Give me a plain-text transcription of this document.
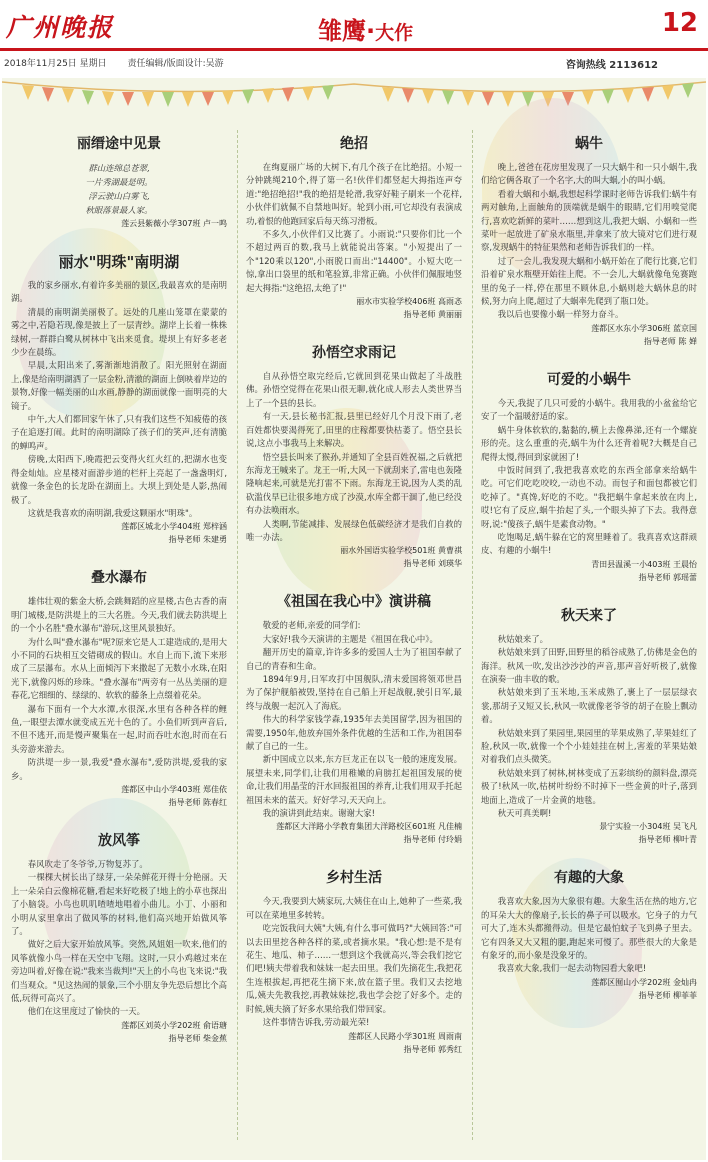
广州晚报	雏鹰·大作	12
2018年11月25日 星期日 责任编辑/版面设计:吴游	咨询热线 2113612
丽缙途中见景
群山连绵总苍翠,
一片秀湖最是明。
浮云驶山白雾飞,
秋眼落景最人家。
莲云县紫薇小学307班 卢一鸣
丽水"明珠"南明湖

我的家乡丽水,有着许多美丽的景区,我最喜欢的是南明湖。

清晨的南明湖美丽极了。远处的几座山笼罩在蒙蒙的雾之中,若隐若现,像是披上了一层青纱。湖岸上长着一株株绿树,一群群白鹭从树林中飞出来觅食。堤坝上有好多老老少少在晨练。

早晨,太阳出来了,雾渐渐地消散了。阳光照射在湖面上,像是给南明湖洒了一层金粉,清澈的湖面上倒映着岸边的景物,好像一幅美丽的山水画,静静的湖面就像一面明亮的大镜子。

中午,大人们都回家午休了,只有我们这些不知疲倦的孩子在追逐打闹。此时的南明湖除了孩子们的笑声,还有清脆的蝉鸣声。

傍晚,太阳西下,晚霞把云变得火红火红的,把湖水也变得金灿灿。应星楼对面游步道的栏杆上亮起了一盏盏明灯,就像一条金色的长龙卧在湖面上。大坝上到处是人影,热闹极了。

这就是我喜欢的南明湖,我爱这颗丽水"明珠"。

莲都区城北小学404班 郑梓涵
指导老师 朱建勇
叠水瀑布

雄伟壮观的紫金大桥,会跳舞蹈的应星楼,古色古香的南明门城楼,是防洪堤上的三大名胜。今天,我们就去防洪堤上的一个小名胜"叠水瀑布"游玩,这里风景独好。

为什么叫"叠水瀑布"呢?原来它是人工建造成的,是用大小不同的石块相互交错砌成的假山。水自上而下,流下来形成了三层瀑布。水从上面倾泻下来撒起了无数小水珠,在阳光下,就像闪烁的珍珠。"叠水瀑布"两旁有一丛丛美丽的迎春花,它细细的、绿绿的、软软的藤条上点缀着花朵。

瀑布下面有一个大水潭,水很深,水里有各种各样的鲤鱼,一眼望去潭水就变成五光十色的了。小鱼们听到声音后,不但不逃开,而是慢声聚集在一起,时而吞吐水泡,时而在石头旁游来游去。

防洪堤一步一景,我爱"叠水瀑布",爱防洪堤,爱我的家乡。

莲都区中山小学403班 郑佳依
指导老师 陈春红
放风筝

春风吹走了冬爷爷,万物复苏了。

一棵棵大树长出了绿芽,一朵朵鲜花开得十分艳丽。天上一朵朵白云像棉花糖,看起来好吃极了!地上的小草也探出了小脑袋。小鸟也叽叽喳喳地唱着小曲儿。小丁、小丽和小明从家里拿出了做风筝的材料,他们高兴地开始做风筝了。

做好之后大家开始放风筝。突然,风姐姐一吹来,他们的风筝就像小鸟一样在天空中飞翔。这时,一只小鸡越过来在旁边叫着,好像在说:"我来当裁判!"天上的小鸟也飞来说:"我们当观众。"见这热闹的景象,三个小朋友争先恐后想比个高低,玩得可高兴了。

他们在这里度过了愉快的一天。

莲都区刘英小学202班 俞语瑭
指导老师 柴金蕉
绝招

在绚夏丽广场的大树下,有几个孩子在比绝招。小短一分钟跳绳210个,得了第一名!伙伴们都竖起大拇指连声夸道:"绝招绝招!"我的绝招是轮滑,我穿好鞋子刷来一个花样,小伙伴们就佩不自禁地叫好。轮到小雨,可它却没有表演成功,着恨的他跑回家后每天练习滑板。

不多久,小伙伴们又比赛了。小雨说:"只要你们比一个不超过两百的数,我马上就能说出答案。"小短提出了一个"120乘以120",小雨脱口而出:"14400"。小短大吃一惊,拿出口袋里的纸和笔验算,非常正确。小伙伴们佩服地竖起大拇指:"这绝招,太绝了!"

丽水市实验学校406班 高雨忞
指导老师 黄丽丽
孙悟空求雨记

自从孙悟空取完经后,它就回到花果山做起了斗战胜佛。孙悟空觉得在花果山很无聊,就化成人形去人类世界当上了一个县的县长。

有一天,县长秘书汇报,县里已经好几个月没下雨了,老百姓都快要渴得死了,田里的庄稼都要快枯萎了。悟空县长说,这点小事我马上来解决。

悟空县长叫来了猴孙,并通知了全县百姓祝福,之后就把东海龙王喊来了。龙王一听,大风一下就刮来了,雷电也轰隆隆响起来,可就是光打雷不下雨。东海龙王说,因为人类的乱砍滥伐早已让很多地方成了沙漠,水库全都干涸了,他已经没有办法唤雨水。

人类啊,节能减排、发展绿色低碳经济才是我们自救的唯一办法。

丽水外国语实验学校501班 黄曹祺
指导老师 刘瑛华
《祖国在我心中》演讲稿

敬爱的老师,亲爱的同学们:

大家好!我今天演讲的主题是《祖国在我心中》。

翻开历史的篇章,许许多多的爱国人士为了祖国奉献了自己的青春和生命。

1894年9月,日军攻打中国舰队,清末爱国将领邓世昌为了保护舰船被毁,坚持在自己船上开起战舰,驶引日军,最终与战舰一起沉入了海底。

伟大的科学家钱学森,1935年去美国留学,因为祖国的需要,1950年,他放弃国外条件优越的生活和工作,为祖国奉献了自己的一生。

新中国成立以来,东方巨龙正在以飞一般的速度发展。展望未来,同学们,让我们用稚嫩的肩膀扛起祖国发展的使命,让我们用晶莹的汗水回报祖国的养育,让我们用双手托起祖国未来的蓝天。好好学习,天天向上。

我的演讲到此结束。谢谢大家!

莲都区大洋路小学教育集团大洋路校区601班 凡佳楠
指导老师 付玲娟
乡村生活

今天,我要到大姨家玩,大姨住在山上,她种了一些菜,我可以在菜地里多转转。

吃完饭我问大姨"大姨,有什么事可做吗?"大姨回答:"可以去田里挖各种各样的菜,或者摘水果。"我心想:是不是有花生、地瓜、柿子……一想到这个我就高兴,等会我们挖它们吧!姨夫带着我和妹妹一起去田里。我们先摘花生,我把花生连根拔起,再把花生摘下来,放在篮子里。我们又去挖地瓜,姨夫先教我挖,再教妹妹挖,我也学会挖了好多个。走的时候,姨夫摘了好多水果给我们带回家。

这件事情告诉我,劳动最光荣!

莲都区人民路小学301班 周雨南
指导老师 郭秀红
蜗牛

晚上,爸爸在花房里发现了一只大蜗牛和一只小蜗牛,我们给它俩各取了一个名字,大的叫大蜗,小的叫小蜗。

看着大蜗和小蜗,我想起科学课时老师告诉我们:蜗牛有两对触角,上面触角的顶端就是蜗牛的眼睛,它们用嗅觉爬行,喜欢吃新鲜的菜叶……想到这儿,我把大蜗、小蜗和一些菜叶一起放进了矿泉水瓶里,并拿来了放大镜对它们进行观察,发现蜗牛的特征果然和老师告诉我们的一样。

过了一会儿,我发现大蜗和小蜗开始在了爬行比赛,它们沿着矿泉水瓶壁开始往上爬。不一会儿,大蜗就像龟兔赛跑里的兔子一样,停在那里不顾休息,小蜗则趁大蜗休息的时候,努力向上爬,超过了大蜗率先爬到了瓶口处。

我以后也要像小蜗一样努力奋斗。

莲都区水东小学306班 蓝京国
指导老师 陈 婵
可爱的小蜗牛

今天,我捉了几只可爱的小蜗牛。我用我的小盆盆给它安了一个温暖舒适的家。

蜗牛身体软软的,黏黏的,横上去像鼻涕,还有一个螺旋形的壳。这么重重的壳,蜗牛为什么还背着呢?大概是自己爬得太慢,得回到家就困了!

中饭时间到了,我把我喜欢吃的东西全部拿来给蜗牛吃。可它们吃吃咬咬,一动也不动。而包子和面包都被它们吃掉了。"真馋,好吃的不吃。"我把蜗牛拿起来放在肉上,哎!它有了反应,蜗牛抬起了头,一个眼头掉了下去。我得意呀,说:"傻孩子,蜗牛是素食动物。"

吃饱喝足,蜗牛躲在它的窝里睡着了。我真喜欢这群顽皮、有趣的小蜗牛!

青田县温溪一小403班 王晨怡
指导老师 郭瑶蕾
秋天来了

秋姑娘来了。

秋姑娘来到了田野,田野里的稻谷成熟了,仿佛是金色的海洋。秋风一吹,发出沙沙沙的声音,那声音好听极了,就像在演奏一曲丰收的歌。

秋姑娘来到了玉米地,玉米成熟了,裹上了一层层绿衣裳,那胡子又短又长,秋风一吹就像老爷爷的胡子在脸上飘动着。

秋姑娘来到了果园里,果园里的苹果成熟了,苹果娃红了脸,秋风一吹,就像一个个小娃娃挂在树上,害羞的苹果姑娘对着我们点头微笑。

秋姑娘来到了树林,树林变成了五彩缤纷的颜料盘,漂亮极了!秋风一吹,枯树叶纷纷不时掉下一些金黄的叶子,落到地面上,造成了一片金黄的地毯。

秋天可真美啊!

景宁实验一小304班 吴飞凡
指导老师 柳叶青
有趣的大象

我喜欢大象,因为大象很有趣。大象生活在热的地方,它的耳朵大大的像扇子,长长的鼻子可以吸水。它身子的力气可大了,连木头都搬得动。但是它最怕蚊子飞到鼻子里去。它有四条又大又粗的腿,跑起来可慢了。那些很大的大象是有象牙的,而小象是没象牙的。

我喜欢大象,我们一起去动物园看大象吧!

莲都区囿山小学202班 金灿冉
指导老师 柳菲菲
